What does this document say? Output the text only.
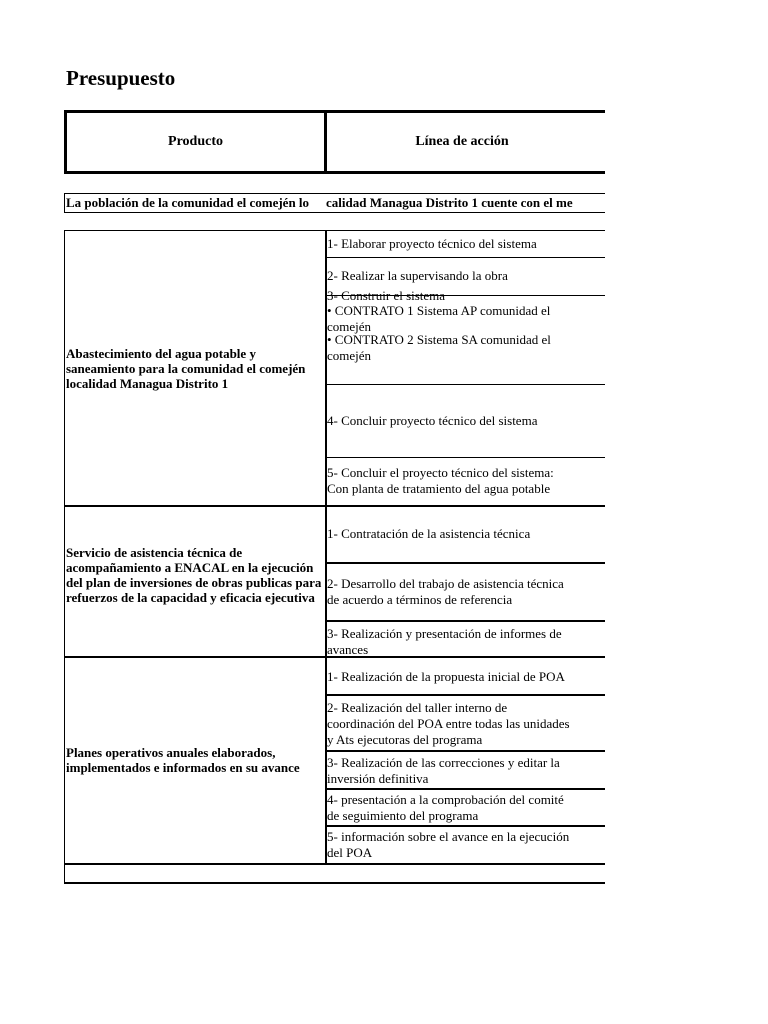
Presupuesto
Producto	Línea de acción
La población de la comunidad el comején lo calidad Managua Distrito 1 cuente con el me
Abastecimiento del agua potable y saneamiento para la comunidad el comején localidad Managua Distrito 1
Servicio de asistencia técnica de acompañamiento a ENACAL en la ejecución del plan de inversiones de obras publicas para refuerzos de la capacidad y eficacia ejecutiva
Planes operativos anuales elaborados, implementados e informados en su avance
1- Elaborar proyecto técnico del sistema
2- Realizar la supervisando la obra
3- Construir el sistema
• CONTRATO 1 Sistema AP comunidad el comején
• CONTRATO 2 Sistema SA comunidad el comején
4- Concluir proyecto técnico del sistema
5- Concluir el proyecto técnico del sistema: Con planta de tratamiento del agua potable
1- Contratación de la asistencia técnica
2- Desarrollo del trabajo de asistencia técnica de acuerdo a términos de referencia
3- Realización y presentación de informes de avances
1- Realización de la propuesta inicial de POA
2- Realización del taller interno de coordinación del POA entre todas las unidades y Ats ejecutoras del programa
3- Realización de las correcciones y editar la inversión definitiva
4- presentación a la comprobación del comité de seguimiento del programa
5- información sobre el avance en la ejecución del POA
